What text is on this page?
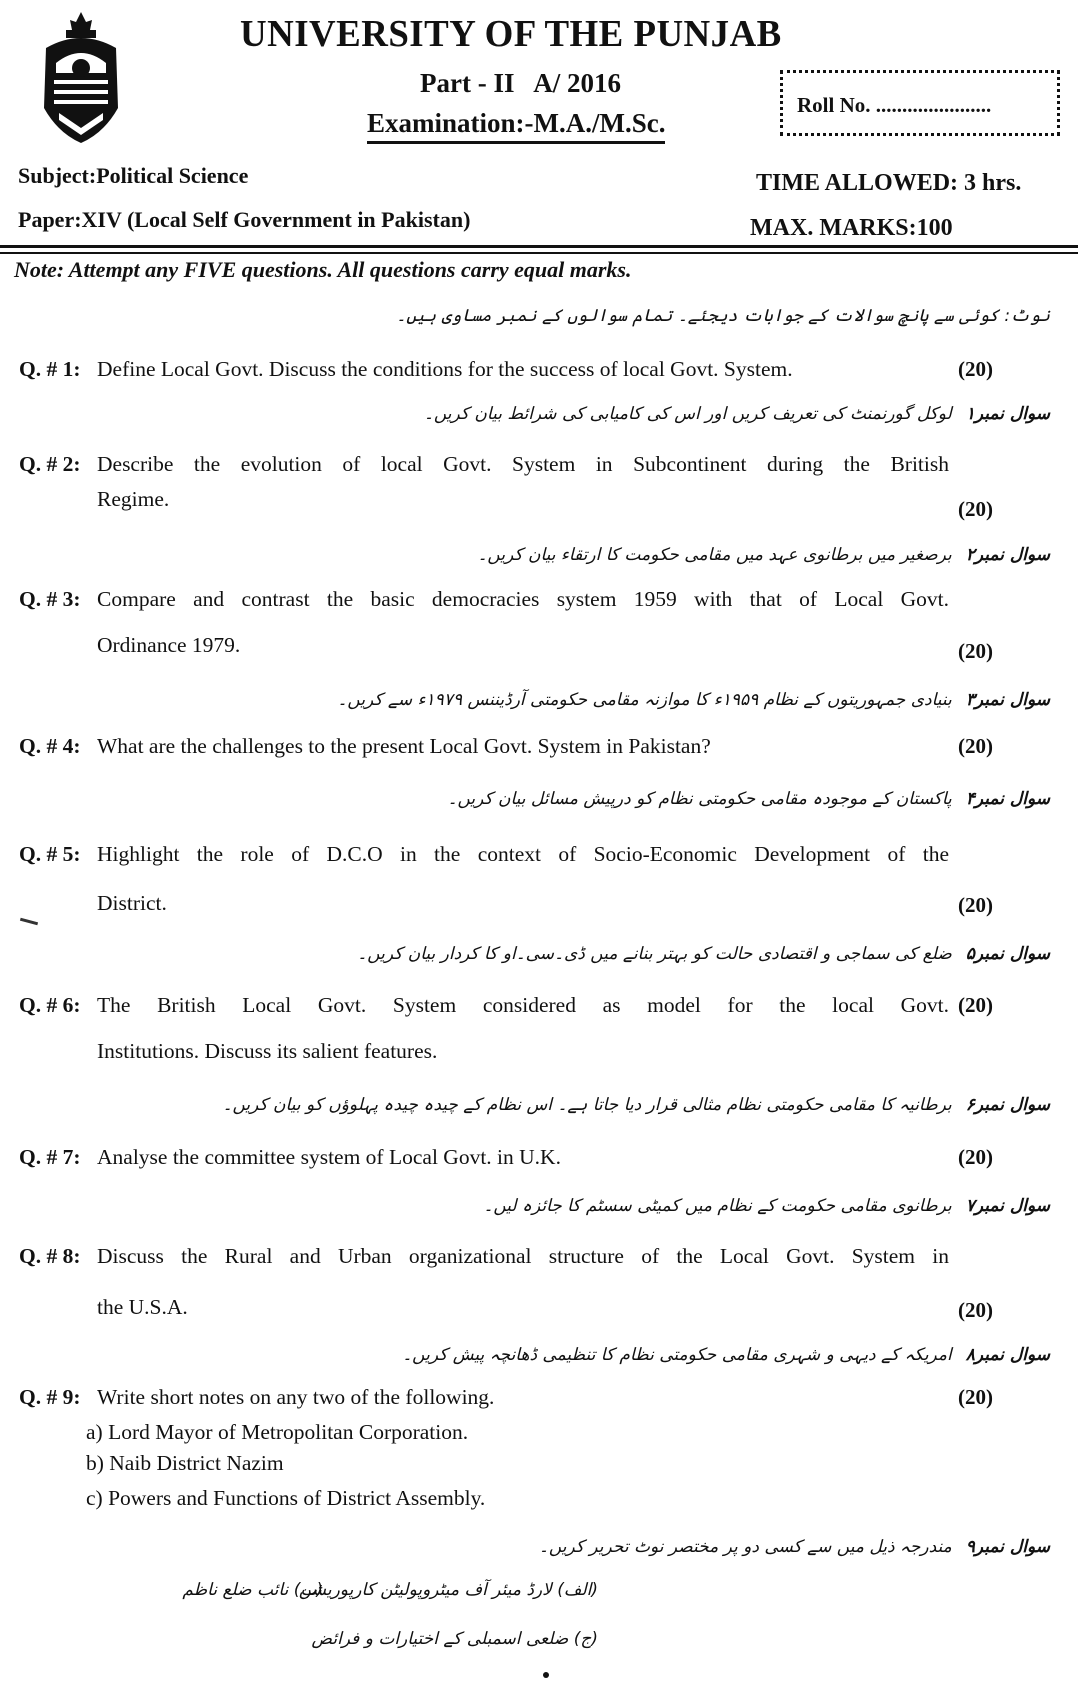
UNIVERSITY OF THE PUNJAB
Part - II   A/ 2016
Examination:-M.A./M.Sc.
Roll No. ......................
Subject:Political Science
Paper:XIV (Local Self Government in Pakistan)
TIME ALLOWED: 3 hrs.
MAX. MARKS:100
Note: Attempt any FIVE questions. All questions carry equal marks.
نوٹ: کوئی سے پانچ سوالات کے جوابات دیجئے۔ تمام سوالوں کے نمبر مساوی ہیں۔
Q. # 1: Define Local Govt. Discuss the conditions for the success of local Govt. System.	(20)
سوال نمبر۱لوکل گورنمنٹ کی تعریف کریں اور اس کی کامیابی کی شرائط بیان کریں۔
Q. # 2: Describe the evolution of local Govt. System in Subcontinent during the British
Regime.	(20)
سوال نمبر۲برصغیر میں برطانوی عہد میں مقامی حکومت کا ارتقاء بیان کریں۔
Q. # 3: Compare and contrast the basic democracies system 1959 with that of Local Govt.
Ordinance 1979.	(20)
سوال نمبر۳بنیادی جمہوریتوں کے نظام ۱۹۵۹ء کا موازنہ مقامی حکومتی آرڈیننس ۱۹۷۹ء سے کریں۔
Q. # 4: What are the challenges to the present Local Govt. System in Pakistan?	(20)
سوال نمبر۴پاکستان کے موجودہ مقامی حکومتی نظام کو درپیش مسائل بیان کریں۔
Q. # 5: Highlight the role of D.C.O in the context of Socio-Economic Development of the
District.	(20)
سوال نمبر۵ضلع کی سماجی و اقتصادی حالت کو بہتر بنانے میں ڈی۔سی۔او کا کردار بیان کریں۔
Q. # 6: The British Local Govt. System considered as model for the local Govt.
Institutions. Discuss its salient features.
(20)
سوال نمبر۶برطانیہ کا مقامی حکومتی نظام مثالی قرار دیا جاتا ہے۔ اس نظام کے چیدہ چیدہ پہلوؤں کو بیان کریں۔
Q. # 7: Analyse the committee system of Local Govt. in U.K.	(20)
سوال نمبر۷برطانوی مقامی حکومت کے نظام میں کمیٹی سسٹم کا جائزہ لیں۔
Q. # 8: Discuss the Rural and Urban organizational structure of the Local Govt. System in
the U.S.A.	(20)
سوال نمبر۸امریکہ کے دیہی و شہری مقامی حکومتی نظام کا تنظیمی ڈھانچہ پیش کریں۔
Q. # 9: Write short notes on any two of the following.
a) Lord Mayor of Metropolitan Corporation.
b) Naib District Nazim
c) Powers and Functions of District Assembly.
(20)
سوال نمبر۹مندرجہ ذیل میں سے کسی دو پر مختصر نوٹ تحریر کریں۔
(الف) لارڈ میئر آف میٹروپولیٹن کارپوریشن
(ب) نائب ضلع ناظم
(ج) ضلعی اسمبلی کے اختیارات و فرائض
